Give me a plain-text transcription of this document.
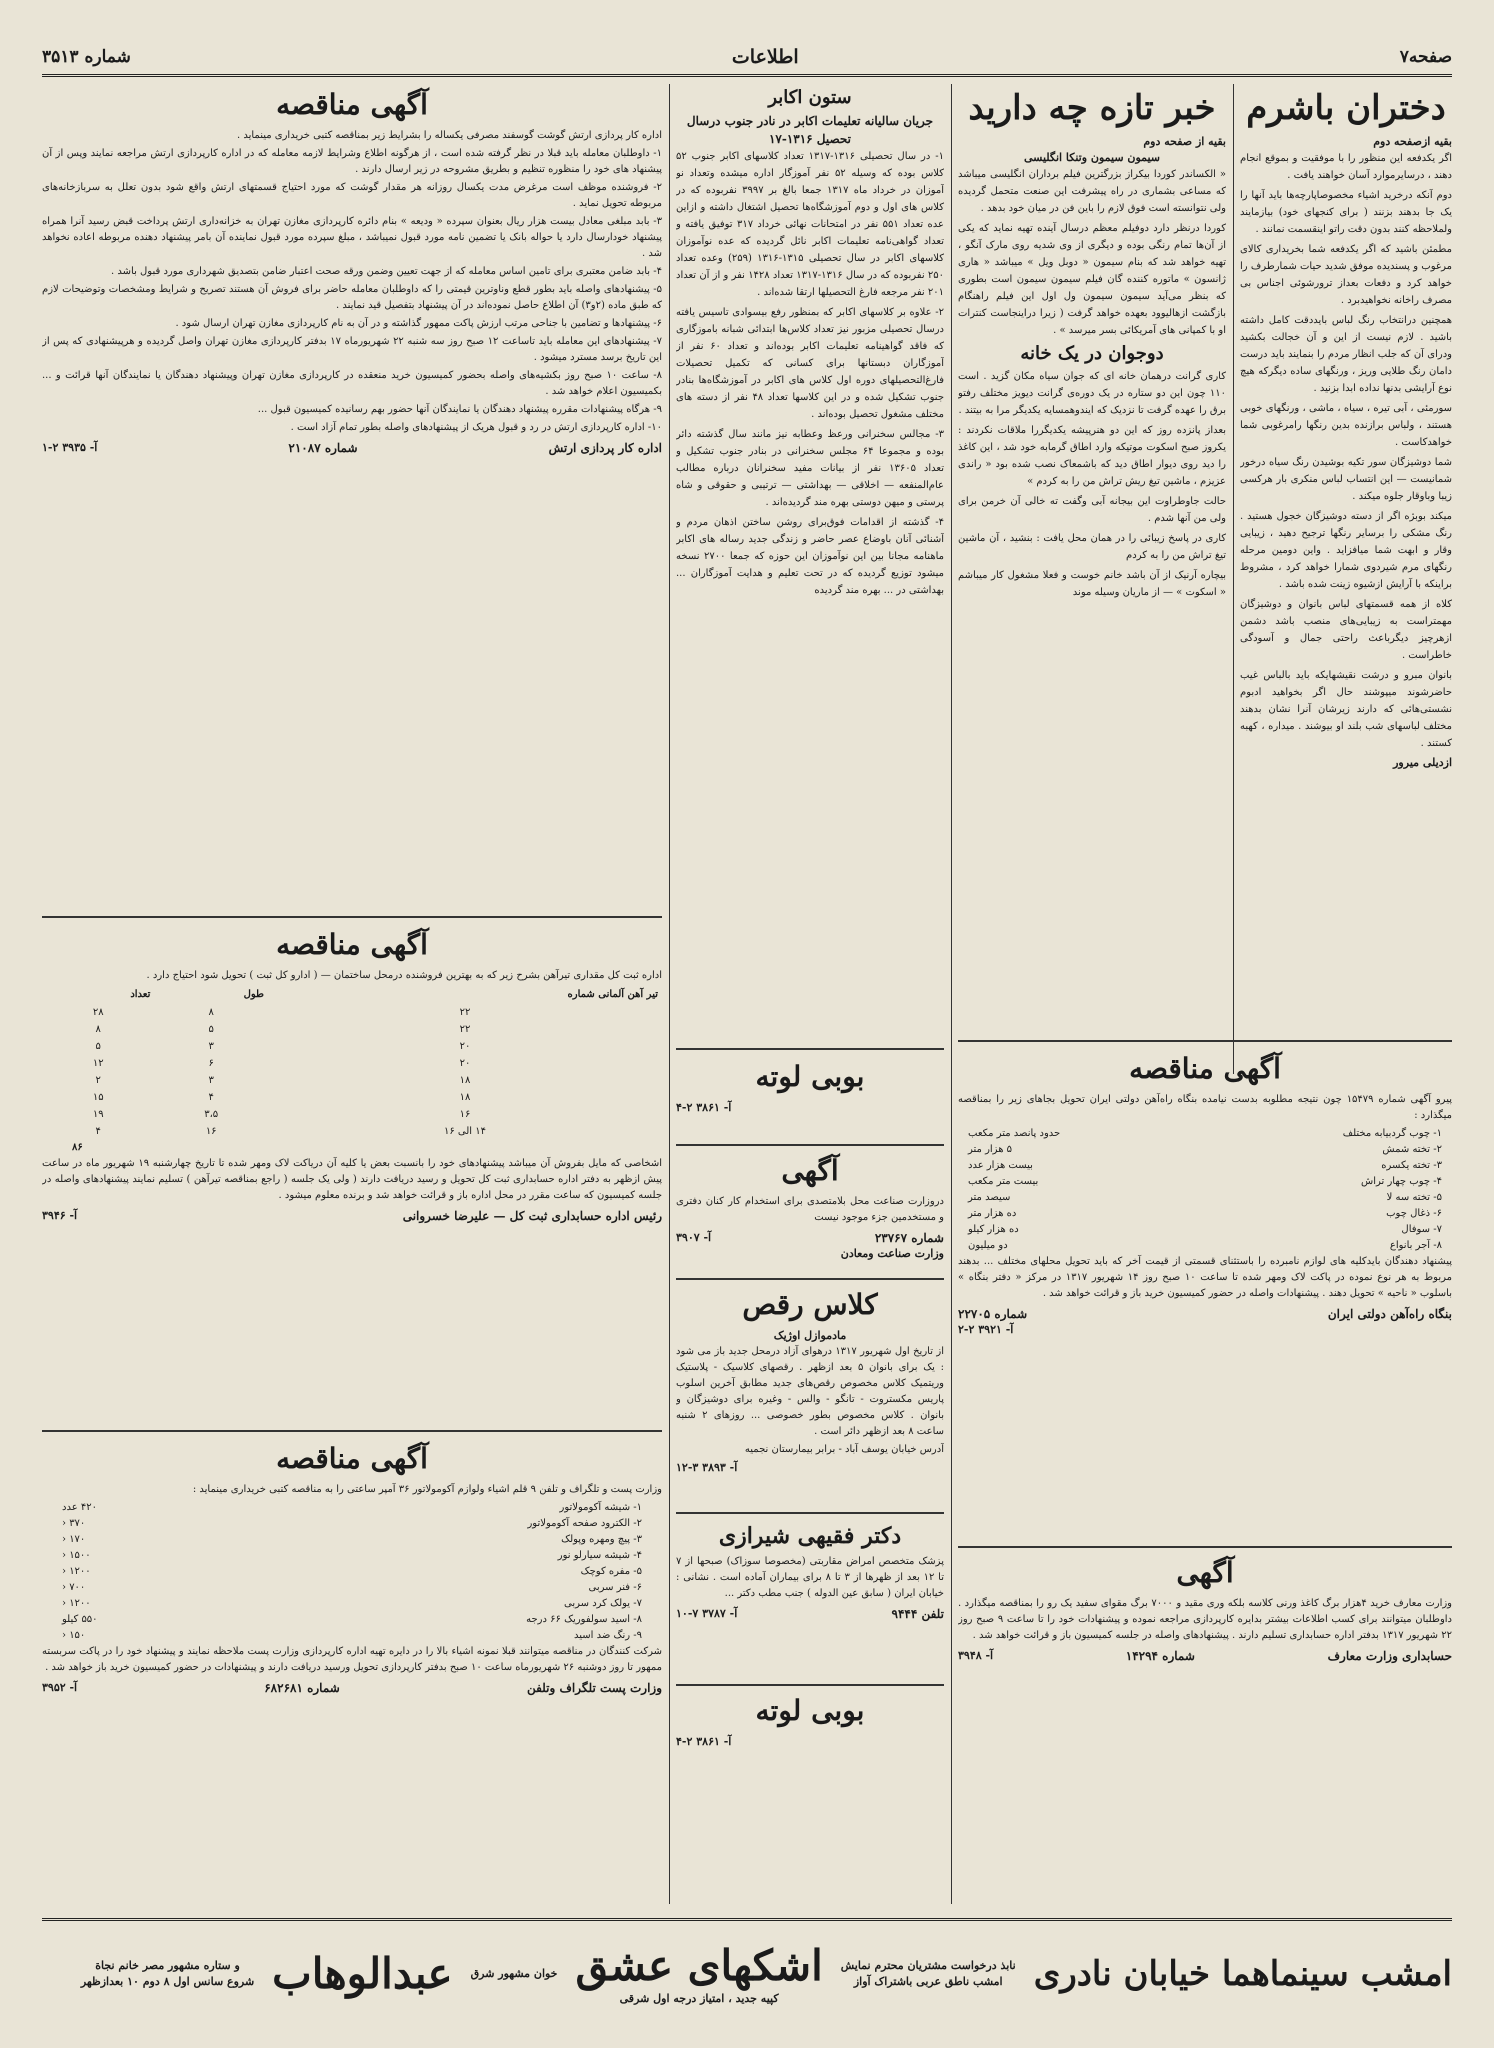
صفحه۷
اطلاعات
شماره ۳۵۱۳
دختران باشرم
بقیه ازصفحه دوم

اگر یکدفعه این منظور را با موفقیت و بموقع انجام دهند ، درسایرموارد آسان خواهند یافت .

دوم آنکه درخرید اشیاء مخصوصاپارچه‌ها باید آنها را یک جا بدهند بزنند ( برای کنجهای خود) بیازمایند ولملاحظه کنند بدون دقت راتو اینقسمت نمانند .

مطمئن باشید که اگر یکدفعه شما بخریداری کالای مرغوب و پسندیده موفق شدید حیات شمارطرف را خواهد کرد و دفعات بعداز ترورشوئی اجناس بی مصرف راخانه نخواهیدبرد .

همچنین درانتخاب رنگ لباس بایددقت کامل داشته باشید . لازم نیست از این و آن خجالت بکشید ودرای آن که جلب انظار مردم را بنمایند باید درست دامان رنگ طلایی وریز ، ورنگهای ساده دیگرکه هیچ نوع آرایشی بدنها نداده ابدا بزنید .

سورمئی ، آبی تیره ، سیاه ، ماشی ، ورنگهای خوبی هستند ، ولباس برازنده بدین رنگها رامرغوبی شما خواهدکاست .

شما دوشیزگان سور تکیه بوشیدن رنگ سیاه درخور شمانیست — این انتساب لباس منکری بار هرکسی زیبا وباوقار جلوه میکند .

میکند بوبژه اگر از دسته دوشیزگان خجول هستید . رنگ مشکی را برسایر رنگها ترجیح دهید ، زیبایی وقار و ابهت شما میافزاید . واین دومین مرحله رنگهای مرم شیردوی شمارا خواهد کرد ، مشروط براینکه با آرایش ازشیوه زینت شده باشد .

کلاه از همه قسمتهای لباس بانوان و دوشیزگان مهمتراست به زیبایی‌های منصب باشد دشمن ازهرچیز دیگرباعث راحتی جمال و آسودگی خاطراست .

بانوان مبرو و درشت نقیشهایکه باید بالباس غیب حاضرشوند میپوشند حال اگر بخواهید ادبوم نشستی‌هائی که دارند زیرشان آنرا نشان بدهند مختلف لباسهای شب بلند او بیوشند . میداره ، کهبه کستند .

ازدیلی میرور
خبر تازه چه دارید
بقیه از صفحه دوم
سیمون سیمون وتنکا انگلیسی

« الکساندر کوردا بیکراز بزرگترین فیلم برداران انگلیسی میباشد که مساعی بشماری در راه پیشرفت این صنعت متحمل گردیده ولی نتوانسته است فوق لازم را باین فن در میان خود بدهد .

کوردا درنظر دارد دوفیلم معظم درسال آینده تهیه نماید که یکی از آن‌ها تمام رنگی بوده و دیگری از وی شدیه روی مارک آنگو ، تهیه خواهد شد که بنام سیمون « دوبل ویل » میباشد « هاری ژانسون » ماتوره کننده گان فیلم سیمون سیمون است بطوری که بنظر می‌آید سیمون سیمون ول اول این فیلم راهنگام بازگشت ازهالیوود بعهده خواهد گرفت ( زیرا دراینجاست کنترات او با کمپانی های آمریکائی بسر میرسد » .

دوجوان در یک خانه

کاری گرانت درهمان خانه ای که جوان سیاه مکان گزید . است ۱۱۰ چون این دو ستاره در یک دوره‌ی گرانت دیویز مختلف رفتو برق را عهده گرفت تا نزدیک که ایندوهمسایه یکدیگر مرا به بیتند .

بعداز پانزده روز که این دو هنرپیشه یکدیگررا ملاقات نکردند : یکروز صبح اسکوت موتیکه وارد اطاق گرمابه خود شد ، این کاغذ را دید روی دیوار اطاق دید که باشمعاک نصب شده بود « راندی عزیزم ، ماشین تیغ ریش تراش من را به کردم »

حالت جاوطراوت این بیجانه آبی وگفت ته خالی آن خرمن برای ولی من آنها شدم .

کاری در پاسخ زیبائی را در همان محل یافت : بنشید ، آن ماشین تیغ تراش من را به کردم

بیچاره آرنیک از آن باشد خانم خوست و فعلا مشغول کار میباشم « اسکوت » — از ماریان وسیله موند

ستون اکابر
جریان سالیانه تعلیمات اکابر در نادر جنوب درسال تحصیل ۱۳۱۶-۱۷

۱- در سال تحصیلی ۱۳۱۶-۱۳۱۷ تعداد کلاسهای اکابر جنوب ۵۲ کلاس بوده که وسیله ۵۲ نفر آموزگار اداره میشده وتعداد نو آموزان در خرداد ماه ۱۳۱۷ جمعا بالغ بر ۳۹۹۷ نفربوده که در کلاس های اول و دوم آموزشگاه‌ها تحصیل اشتغال داشته و ازاین عده تعداد ۵۵۱ نفر در امتحانات نهائی خرداد ۳۱۷ توفیق یافته و تعداد گواهی‌نامه تعلیمات اکابر نائل گردیده که عده نوآموزان کلاسهای اکابر در سال تحصیلی ۱۳۱۵-۱۳۱۶ (۲۵۹) وعده تعداد ۲۵۰ نفربوده که در سال ۱۳۱۶-۱۳۱۷ تعداد ۱۴۲۸ نفر و از آن تعداد ۲۰۱ نفر مرجعه فارغ التحصیلها ارتقا شده‌اند .

۲- علاوه بر کلاسهای اکابر که بمنظور رفع بیسوادی تاسیس یافته درسال تحصیلی مزبور نیز تعداد کلاس‌ها ابتدائی شبانه باموزگاری که فاقد گواهینامه تعلیمات اکابر بوده‌اند و تعداد ۶۰ نفر از آموزگاران دبستانها برای کسانی که تکمیل تحصیلات فارغ‌التحصیلهای دوره اول کلاس های اکابر در آموزشگاه‌ها بنادر جنوب تشکیل شده و در این کلاسها تعداد ۴۸ نفر از دسته های مختلف مشغول تحصیل بوده‌اند .

۳- مجالس سخنرانی ورعظ وعطابه نیز مانند سال گذشته دائر بوده و مجموعا ۶۴ مجلس سخنرانی در بنادر جنوب تشکیل و تعداد ۱۳۶۰۵ نفر از بیانات مفید سخنرانان درباره مطالب عام‌المنفعه — اخلاقی — بهداشتی — ترتیبی و حقوقی و شاه پرستی و میهن دوستی بهره مند گردیده‌اند .

۴- گذشته از اقدامات فوق‌برای روشن ساختن اذهان مردم و آشنائی آنان باوضاع عصر حاضر و زندگی جدید رساله های اکابر ماهنامه مجانا بین این نوآموزان این حوزه که جمعا ۲۷۰۰ نسخه میشود توزیع گردیده که در تحت تعلیم و هدایت آموزگاران ... بهداشتی در ... بهره مند گردیده

آگهی مناقصه

اداره کار پردازی ارتش گوشت گوسفند مصرفی یکساله را بشرایط زیر بمناقصه کتبی خریداری مینماید .

۱- داوطلبان معامله باید قبلا در نظر گرفته شده است ، از هرگونه اطلاع وشرایط لازمه معامله که در اداره کارپردازی ارتش مراجعه نمایند وپس از آن پیشنهاد های خود را منظوره تنظیم و بطریق مشروحه در زیر ارسال دارند .

۲- فروشنده موظف است مرغرض مدت یکسال روزانه هر مقدار گوشت که مورد احتیاج قسمتهای ارتش واقع شود بدون تعلل به سربازخانه‌های مربوطه تحویل نماید .

۳- بابد مبلغی معادل بیست هزار ریال بعنوان سپرده « ودیعه » بنام دائره کارپردازی مغازن تهران به خزانه‌داری ارتش پرداخت قبض رسید آنرا همراه پیشنهاد خودارسال دارد یا حواله بانک یا تضمین نامه مورد قبول نمیباشد ، مبلغ سپرده مورد قبول نماینده آن بامر پیشنهاد دهنده مربوطه اعاده نخواهد شد .

۴- بابد ضامن معتبری برای تامین اساس معامله که از جهت تعیین وضمن ورقه صحت اعتبار ضامن بتصدیق شهرداری مورد قبول باشد .

۵- پیشنهادهای واصله باید بطور قطع وناوترین قیمتی را که داوطلبان معامله حاضر برای فروش آن هستند تصریح و شرایط ومشخصات وتوضیحات لازم که طبق ماده (۲و۳) آن اطلاع حاصل نموده‌اند در آن پیشنهاد بتفصیل قید نمایند .

۶- پیشنهادها و تضامین با جناحی مرتب ارزش پاکت ممهور گذاشته و در آن به نام کارپردازی مغازن تهران ارسال شود .

۷- پیشنهادهای این معامله باید تاساعت ۱۲ صبح روز سه شنبه ۲۲ شهریورماه ۱۷ بدفتر کارپردازی مغازن تهران واصل گردیده و هرپیشنهادی که پس از این تاریخ برسد مسترد میشود .

۸- ساعت ۱۰ صبح روز بکشیه‌های واصله بحضور کمیسیون خرید منعقده در کارپردازی مغازن تهران وپیشنهاد دهندگان یا نمایندگان آنها قرائت و ... بکمیسیون اعلام خواهد شد .

۹- هرگاه پیشنهادات مقرره پیشنهاد دهندگان یا نمایندگان آنها حضور بهم رسانیده کمیسیون قبول ...

۱۰- اداره کارپردازی ارتش در رد و قبول هریک از پیشنهادهای واصله بطور تمام آزاد است .

اداره کار پردازی ارتش
شماره ۲۱۰۸۷
آ- ۳۹۳۵ ۲-۱
آگهی مناقصه

اداره ثبت کل مقداری تیرآهن بشرح زیر که به بهترین فروشنده درمحل ساختمان — ( ادارو کل ثبت ) تحویل شود احتیاج دارد .

تیر آهن آلمانی شماره	طول	تعداد
۲۲	۸	۲۸
۲۲	۵	۸
۲۰	۳	۵
۲۰	۶	۱۲
۱۸	۳	۲
۱۸	۴	۱۵
۱۶	۳،۵	۱۹
۱۴ الی ۱۶	۱۶	۴
۸۶

اشخاصی که مایل بفروش آن میباشد پیشنهادهای خود را بانسبت بعض یا کلیه آن دریاکت لاک ومهر شده تا تاریخ چهارشنبه ۱۹ شهریور ماه در ساعت پیش ازظهر به دفتر اداره حسابداری ثبت کل تحویل و رسید دریافت دارند ( ولی یک جلسه ( راجع بمناقصه تیرآهن ) تسلیم نمایند پیشنهادهای واصله در جلسه کمیسیون که ساعت مقرر در محل اداره باز و قرائت خواهد شد و برنده معلوم میشود .

رئیس اداره حسابداری ثبت کل — علیرضا خسروانی
آ- ۳۹۴۶
آگهی مناقصه

وزارت پست و تلگراف و تلفن ۹ قلم اشیاء ولوازم آکومولاتور ۳۶ آمپر ساعتی را به مناقصه کتبی خریداری مینماید :

۱- شیشه آکومولاتور
۴۲۰ عدد
۲- الکترود صفحه آکومولاتور
۳۷۰ ‹
۳- پیچ ومهره وپولک
۱۷۰ ‹
۴- شیشه سیارلو نور
۱۵۰۰ ‹
۵- مفره کوچک
۱۲۰۰ ‹
۶- فنر سربی
۷۰۰ ‹
۷- یولک کرد سربی
۱۲۰۰ ‹
۸- اسید سولفوریک ۶۶ درجه
۵۵۰ کیلو
۹- رنگ ضد اسید
۱۵۰ ‹

شرکت کنندگان در مناقصه میتوانند قبلا نمونه اشیاء بالا را در دایره تهیه اداره کارپردازی وزارت پست ملاحظه نمایند و پیشنهاد خود را در پاکت سربسته ممهور تا روز دوشنبه ۲۶ شهریورماه ساعت ۱۰ صبح بدفتر کارپردازی تحویل ورسید دریافت دارند و پیشنهادات در حضور کمیسیون خرید باز خواهد شد .

وزارت پست تلگراف وتلفن
شماره ۶۸۲۶۸۱
آ- ۳۹۵۲
بوبی لوته
آ- ۳۸۶۱ ۲-۴
آگهی

دروزارت صناعت محل بلامتصدی برای استخدام کار کنان دفتری و مستخدمین جزء موجود نیست

شماره ۲۳۷۶۷
آ- ۳۹۰۷
وزارت صناعت ومعادن
کلاس رقص
مادموازل اوژیک

از تاریخ اول شهریور ۱۳۱۷ درهوای آزاد درمحل جدید باز می شود : یک برای بانوان ۵ بعد ازظهر . رقصهای کلاسیک - پلاستیک وریتمیک کلاس مخصوص رقص‌های جدید مطابق آخرین اسلوب پاریس مکستروت - تانگو - والس - وغیره برای دوشیزگان و بانوان . کلاس مخصوص بطور خصوصی ... روزهای ۲ شنبه ساعت ۸ بعد ازظهر دائر است .

آدرس خیابان یوسف آباد - برابر بیمارستان نجمیه

آ- ۳۸۹۳ ۳-۱۲
دکتر فقیهی شیرازی

پزشک متخصص امراض مقاربتی (مخصوصا سوزاک) صبحها از ۷ تا ۱۲ بعد از ظهرها از ۳ تا ۸ برای بیماران آماده است . نشانی : خیابان ایران ( سابق عین الدوله ) جنب مطب دکتر ...

تلفن ۹۴۴۴
آ- ۳۷۸۷ ۷-۱۰
بوبی لوته
آ- ۳۸۶۱ ۲-۴
آگهی مناقصه

پیرو آگهی شماره ۱۵۴۷۹ چون نتیجه مطلوبه بدست نیامده بنگاه راه‌آهن دولتی ایران تحویل بجاهای زیر را بمناقصه میگذارد :

۱- چوب گردبیابه مختلف
حدود پانصد متر مکعب
۲- تخته شمش
۵ هزار متر
۳- تخته یکسره
بیست هزار عدد
۴- چوب چهار تراش
بیست متر مکعب
۵- تخته سه لا
سیصد متر
۶- ذغال چوب
ده هزار متر
۷- سوفال
ده هزار کیلو
۸- آجر بانواع
دو میلیون

پیشنهاد دهندگان بایدکلیه های لوازم نامبرده را باستثنای قسمتی از قیمت آخر که باید تحویل محلهای مختلف ... بدهند مربوط به هر نوع نموده در پاکت لاک ومهر شده تا ساعت ۱۰ صبح روز ۱۴ شهریور ۱۳۱۷ در مرکز « دفتر بنگاه » باسلوب « ناحیه » تحویل دهند . پیشنهادات واصله در حضور کمیسیون خرید باز و قرائت خواهد شد .

بنگاه راه‌آهن دولتی ایران
شماره ۲۲۷۰۵
آ- ۳۹۲۱ ۲-۲
آگهی

وزارت معارف خرید ۴هزار برگ کاغذ ورنی کلاسه بلکه وری مقید و ۷۰۰۰ برگ مقوای سفید یک رو را بمناقصه میگذارد . داوطلبان میتوانند برای کسب اطلاعات بیشتر بدایره کارپردازی مراجعه نموده و پیشنهادات خود را تا ساعت ۹ صبح روز ۲۲ شهریور ۱۳۱۷ بدفتر اداره حسابداری تسلیم دارند . پیشنهادهای واصله در جلسه کمیسیون باز و قرائت خواهد شد .

حسابداری وزارت معارف
شماره ۱۴۲۹۴
آ- ۳۹۴۸
امشب سینماهما خیابان نادری
نابذ درخواست مشتریان محترم نمایش
امشب ناطق عربی باشتراک آواز
اشکهای عشق
کپیه جدید ، امتیاز درجه اول شرقی
خوان مشهور شرق
عبدالوهاب
و ستاره مشهور مصر خانم نجاة
شروع سانس اول ۸ دوم ۱۰ بعدازظهر
